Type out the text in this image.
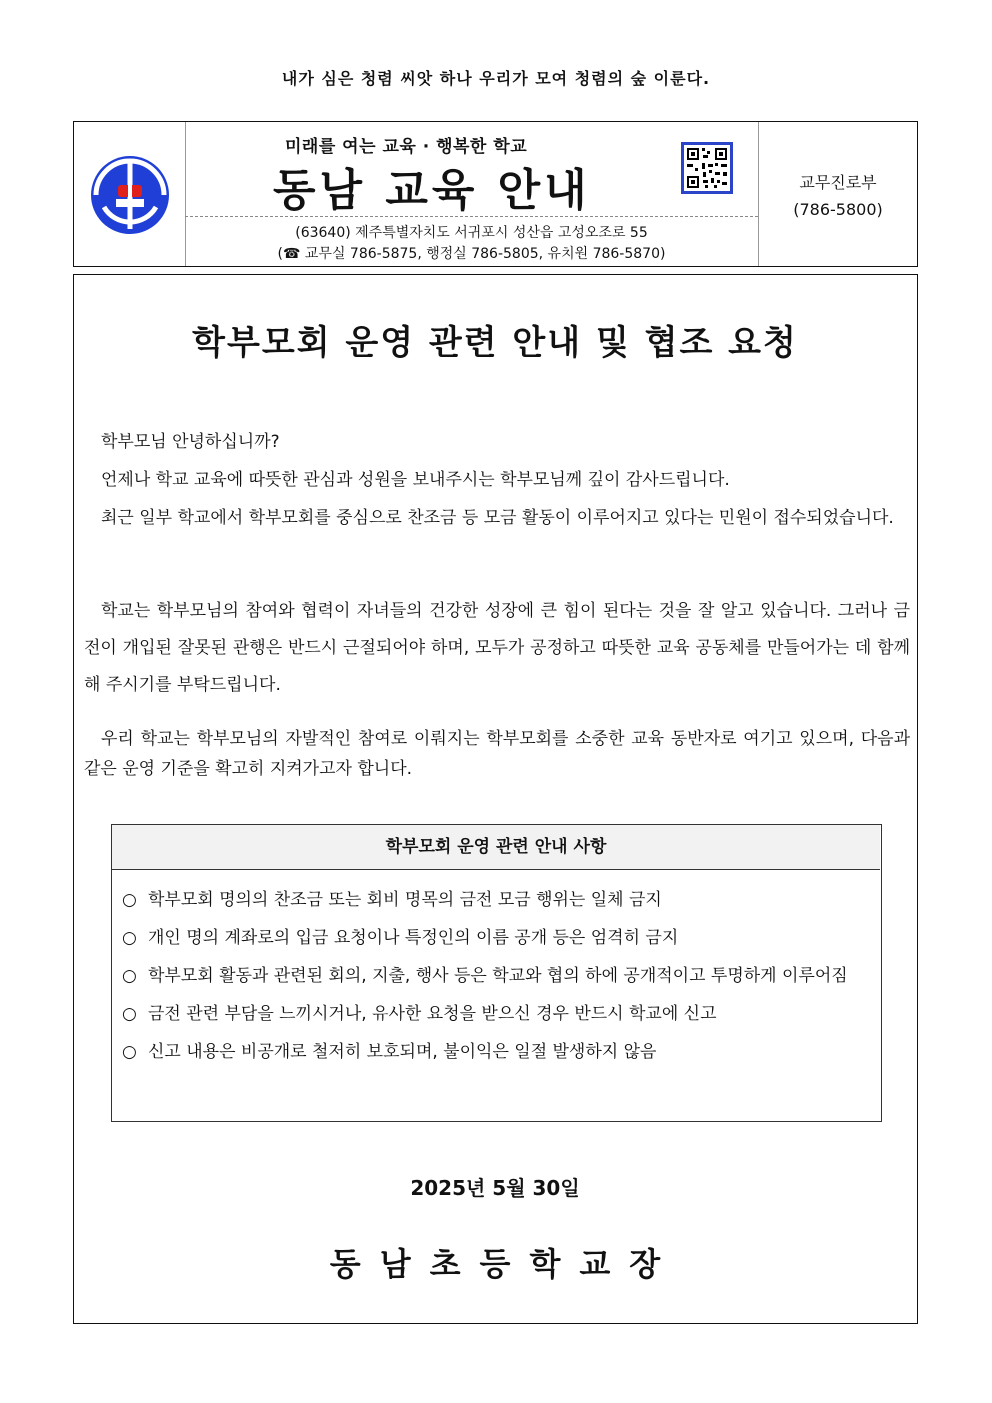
내가 심은 청렴 씨앗 하나 우리가 모여 청렴의 숲 이룬다.
미래를 여는 교육 · 행복한 학교
동남 교육 안내
(63640) 제주특별자치도 서귀포시 성산읍 고성오조로 55
(☎ 교무실 786-5875, 행정실 786-5805, 유치원 786-5870)
교무진로부
(786-5800)
학부모회 운영 관련 안내 및 협조 요청
학부모님 안녕하십니까?
언제나 학교 교육에 따뜻한 관심과 성원을 보내주시는 학부모님께 깊이 감사드립니다.
최근 일부 학교에서 학부모회를 중심으로 찬조금 등 모금 활동이 이루어지고 있다는 민원이 접수되었습니다.
학교는 학부모님의 참여와 협력이 자녀들의 건강한 성장에 큰 힘이 된다는 것을 잘 알고 있습니다. 그러나 금전이 개입된 잘못된 관행은 반드시 근절되어야 하며, 모두가 공정하고 따뜻한 교육 공동체를 만들어가는 데 함께해 주시기를 부탁드립니다.
우리 학교는 학부모님의 자발적인 참여로 이뤄지는 학부모회를 소중한 교육 동반자로 여기고 있으며, 다음과 같은 운영 기준을 확고히 지켜가고자 합니다.
학부모회 운영 관련 안내 사항
○ 학부모회 명의의 찬조금 또는 회비 명목의 금전 모금 행위는 일체 금지
○ 개인 명의 계좌로의 입금 요청이나 특정인의 이름 공개 등은 엄격히 금지
○ 학부모회 활동과 관련된 회의, 지출, 행사 등은 학교와 협의 하에 공개적이고 투명하게 이루어짐
○ 금전 관련 부담을 느끼시거나, 유사한 요청을 받으신 경우 반드시 학교에 신고
○ 신고 내용은 비공개로 철저히 보호되며, 불이익은 일절 발생하지 않음
2025년 5월 30일
동남초등학교장
